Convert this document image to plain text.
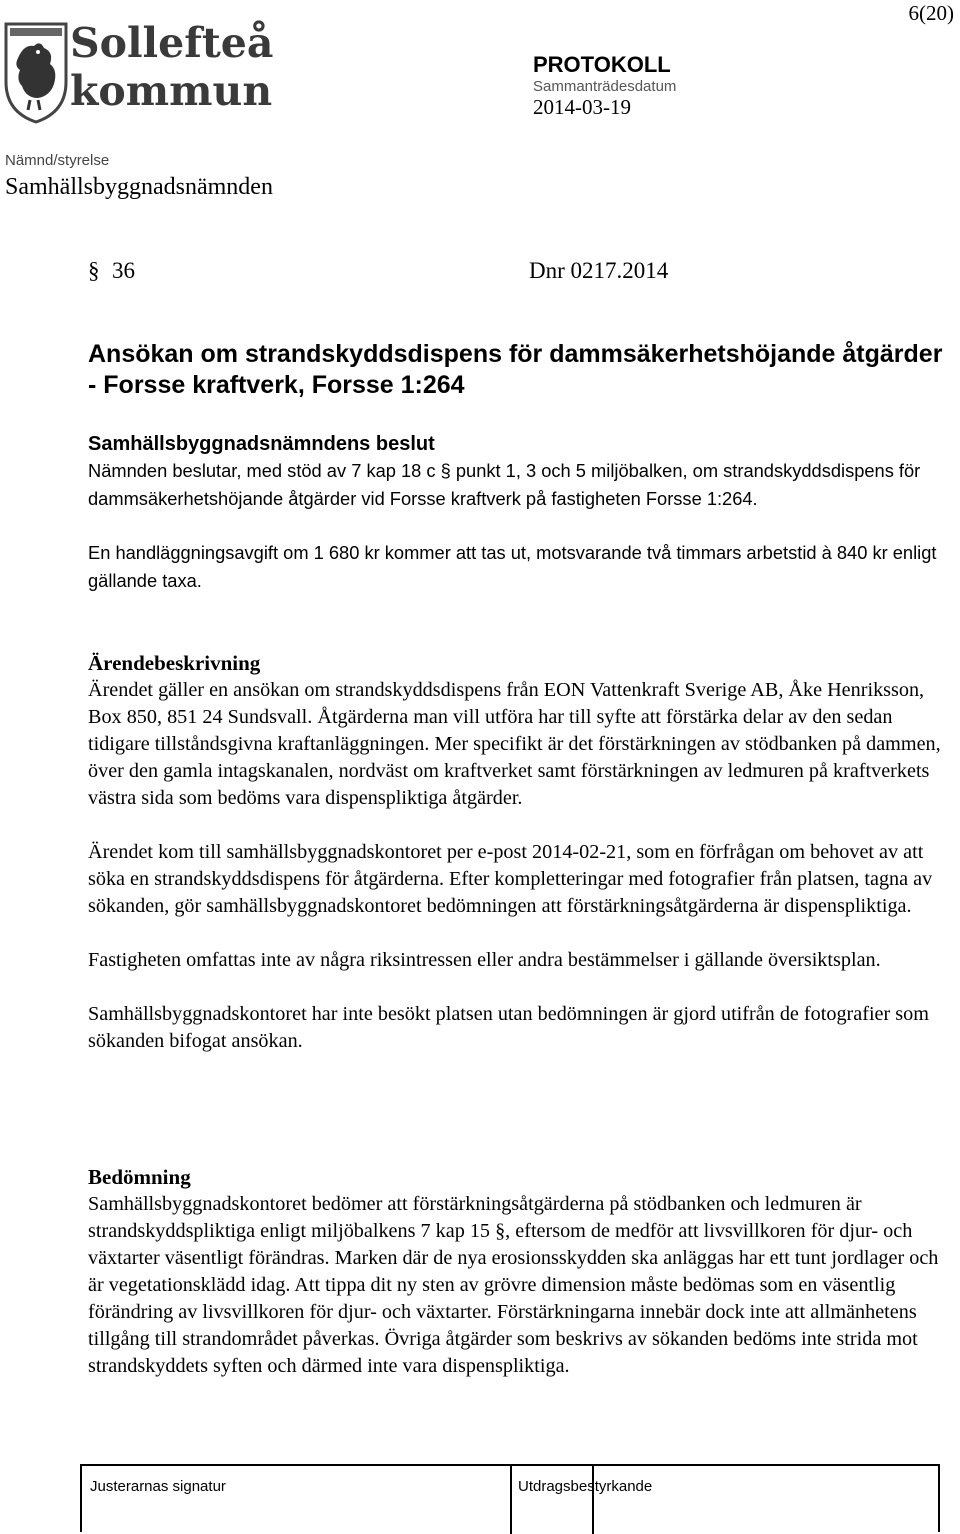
6(20)
Sollefteå
kommun
PROTOKOLL
Sammanträdesdatum
2014-03-19
Nämnd/styrelse
Samhällsbyggnadsnämnden
§ 36	Dnr 0217.2014
Ansökan om strandskyddsdispens för dammsäkerhetshöjande åtgärder - Forsse kraftverk, Forsse 1:264
Samhällsbyggnadsnämndens beslut

Nämnden beslutar, med stöd av 7 kap 18 c § punkt 1, 3 och 5 miljöbalken, om strandskyddsdispens för dammsäkerhetshöjande åtgärder vid Forsse kraftverk på fastigheten Forsse 1:264.

En handläggningsavgift om 1 680 kr kommer att tas ut, motsvarande två timmars arbetstid à 840 kr enligt gällande taxa.

Ärendebeskrivning

Ärendet gäller en ansökan om strandskyddsdispens från EON Vattenkraft Sverige AB, Åke Henriksson, Box 850, 851 24 Sundsvall. Åtgärderna man vill utföra har till syfte att förstärka delar av den sedan tidigare tillståndsgivna kraftanläggningen. Mer specifikt är det förstärkningen av stödbanken på dammen, över den gamla intagskanalen, nordväst om kraftverket samt förstärkningen av ledmuren på kraftverkets västra sida som bedöms vara dispenspliktiga åtgärder.

Ärendet kom till samhällsbyggnadskontoret per e-post 2014-02-21, som en förfrågan om behovet av att söka en strandskyddsdispens för åtgärderna. Efter kompletteringar med fotografier från platsen, tagna av sökanden, gör samhällsbyggnadskontoret bedömningen att förstärkningsåtgärderna är dispenspliktiga.

Fastigheten omfattas inte av några riksintressen eller andra bestämmelser i gällande översiktsplan.

Samhällsbyggnadskontoret har inte besökt platsen utan bedömningen är gjord utifrån de fotografier som sökanden bifogat ansökan.

Bedömning

Samhällsbyggnadskontoret bedömer att förstärkningsåtgärderna på stödbanken och ledmuren är strandskyddspliktiga enligt miljöbalkens 7 kap 15 §, eftersom de medför att livsvillkoren för djur- och växtarter väsentligt förändras. Marken där de nya erosionsskydden ska anläggas har ett tunt jordlager och är vegetationsklädd idag. Att tippa dit ny sten av grövre dimension måste bedömas som en väsentlig förändring av livsvillkoren för djur- och växtarter. Förstärkningarna innebär dock inte att allmänhetens tillgång till strandområdet påverkas. Övriga åtgärder som beskrivs av sökanden bedöms inte strida mot strandskyddets syften och därmed inte vara dispenspliktiga.

Justerarnas signatur	Utdragsbestyrkande
